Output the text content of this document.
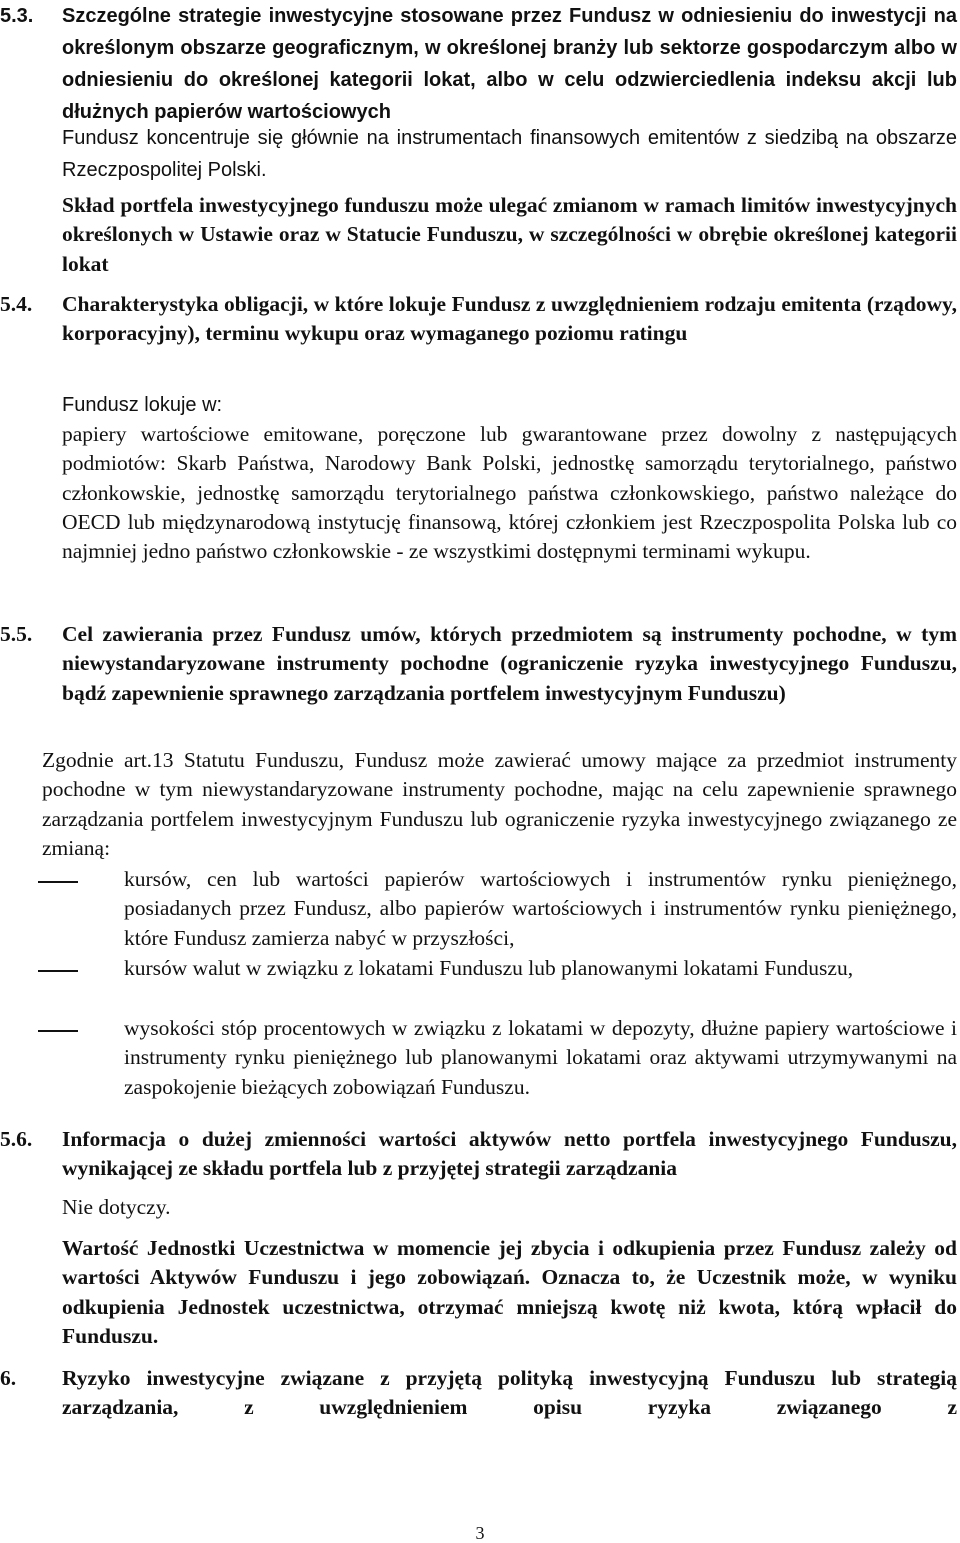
5.3. Szczególne strategie inwestycyjne stosowane przez Fundusz w odniesieniu do inwestycji na określonym obszarze geograficznym, w określonej branży lub sektorze gospodarczym albo w odniesieniu do określonej kategorii lokat, albo w celu odzwierciedlenia indeksu akcji lub dłużnych papierów wartościowych

Fundusz koncentruje się głównie na instrumentach finansowych emitentów z siedzibą na obszarze Rzeczpospolitej Polski.

Skład portfela inwestycyjnego funduszu może ulegać zmianom w ramach limitów inwestycyjnych określonych w Ustawie oraz w Statucie Funduszu, w szczególności w obrębie określonej kategorii lokat

5.4. Charakterystyka obligacji, w które lokuje Fundusz z uwzględnieniem rodzaju emitenta (rządowy, korporacyjny), terminu wykupu oraz wymaganego poziomu ratingu

Fundusz lokuje w:

papiery wartościowe emitowane, poręczone lub gwarantowane przez dowolny z następujących podmiotów: Skarb Państwa, Narodowy Bank Polski, jednostkę samorządu terytorialnego, państwo członkowskie, jednostkę samorządu terytorialnego państwa członkowskiego, państwo należące do OECD lub międzynarodową instytucję finansową, której członkiem jest Rzeczpospolita Polska lub co najmniej jedno państwo członkowskie - ze wszystkimi dostępnymi terminami wykupu.

5.5. Cel zawierania przez Fundusz umów, których przedmiotem są instrumenty pochodne, w tym niewystandaryzowane instrumenty pochodne (ograniczenie ryzyka inwestycyjnego Funduszu, bądź zapewnienie sprawnego zarządzania portfelem inwestycyjnym Funduszu)

Zgodnie art.13 Statutu Funduszu, Fundusz może zawierać umowy mające za przedmiot instrumenty pochodne w tym niewystandaryzowane instrumenty pochodne, mając na celu zapewnienie sprawnego zarządzania portfelem inwestycyjnym Funduszu lub ograniczenie ryzyka inwestycyjnego związanego ze zmianą:

kursów, cen lub wartości papierów wartościowych i instrumentów rynku pieniężnego, posiadanych przez Fundusz, albo papierów wartościowych i instrumentów rynku pieniężnego, które Fundusz zamierza nabyć w przyszłości,

kursów walut w związku z lokatami Funduszu lub planowanymi lokatami Funduszu,

wysokości stóp procentowych w związku z lokatami w depozyty, dłużne papiery wartościowe i instrumenty rynku pieniężnego lub planowanymi lokatami oraz aktywami utrzymywanymi na zaspokojenie bieżących zobowiązań Funduszu.

5.6. Informacja o dużej zmienności wartości aktywów netto portfela inwestycyjnego Funduszu, wynikającej ze składu portfela lub z przyjętej strategii zarządzania

Nie dotyczy.

Wartość Jednostki Uczestnictwa w momencie jej zbycia i odkupienia przez Fundusz zależy od wartości Aktywów Funduszu i jego zobowiązań. Oznacza to, że Uczestnik może, w wyniku odkupienia Jednostek uczestnictwa, otrzymać mniejszą kwotę niż kwota, którą wpłacił do Funduszu.

6. Ryzyko inwestycyjne związane z przyjętą polityką inwestycyjną Funduszu lub strategią zarządzania, z uwzględnieniem opisu ryzyka związanego z

3
